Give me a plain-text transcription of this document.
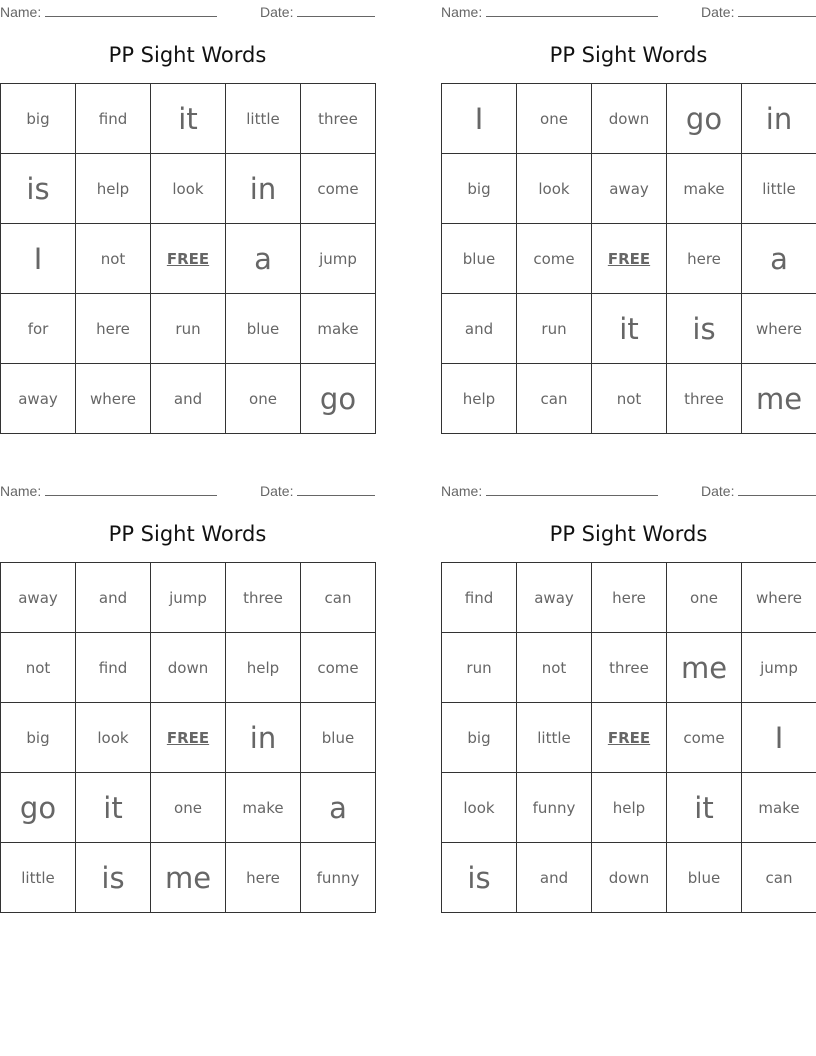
Name:	Date:
PP Sight Words
big	find	it	little	three
is	help	look	in	come
I	not	FREE	a	jump
for	here	run	blue	make
away	where	and	one	go
Name:	Date:
PP Sight Words
I	one	down	go	in
big	look	away	make	little
blue	come	FREE	here	a
and	run	it	is	where
help	can	not	three	me
Name:	Date:
PP Sight Words
away	and	jump	three	can
not	find	down	help	come
big	look	FREE	in	blue
go	it	one	make	a
little	is	me	here	funny
Name:	Date:
PP Sight Words
find	away	here	one	where
run	not	three	me	jump
big	little	FREE	come	I
look	funny	help	it	make
is	and	down	blue	can
